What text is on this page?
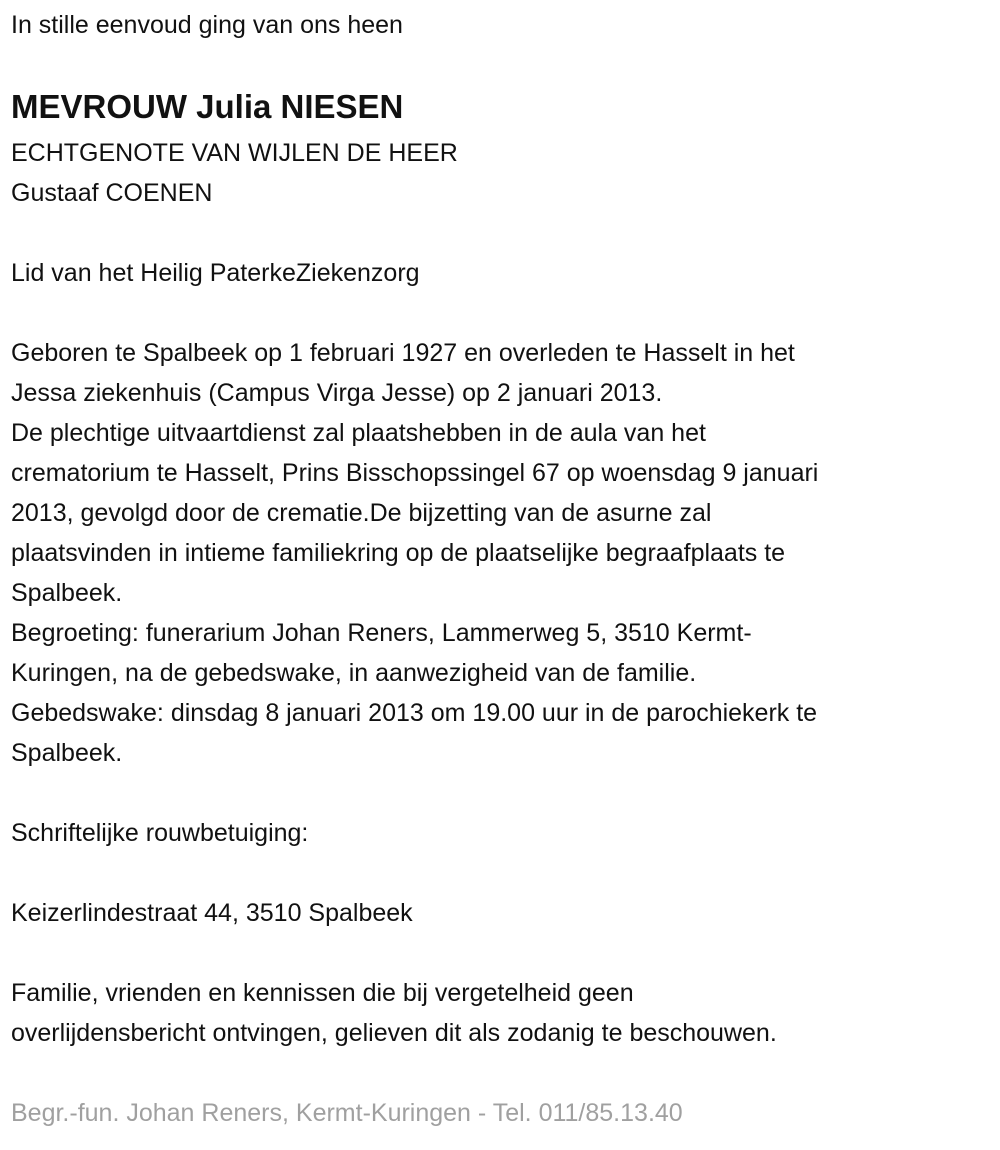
In stille eenvoud ging van ons heen
MEVROUW Julia NIESEN
ECHTGENOTE VAN WIJLEN DE HEER
Gustaaf COENEN
Lid van het Heilig PaterkeZiekenzorg
Geboren te Spalbeek op 1 februari 1927 en overleden te Hasselt in het
Jessa ziekenhuis (Campus Virga Jesse) op 2 januari 2013.
De plechtige uitvaartdienst zal plaatshebben in de aula van het
crematorium te Hasselt, Prins Bisschopssingel 67 op woensdag 9 januari
2013, gevolgd door de crematie.De bijzetting van de asurne zal
plaatsvinden in intieme familiekring op de plaatselijke begraafplaats te
Spalbeek.
Begroeting: funerarium Johan Reners, Lammerweg 5, 3510 Kermt-
Kuringen, na de gebedswake, in aanwezigheid van de familie.
Gebedswake: dinsdag 8 januari 2013 om 19.00 uur in de parochiekerk te
Spalbeek.
Schriftelijke rouwbetuiging:
Keizerlindestraat 44, 3510 Spalbeek
Familie, vrienden en kennissen die bij vergetelheid geen
overlijdensbericht ontvingen, gelieven dit als zodanig te beschouwen.
Begr.-fun. Johan Reners, Kermt-Kuringen - Tel. 011/85.13.40
